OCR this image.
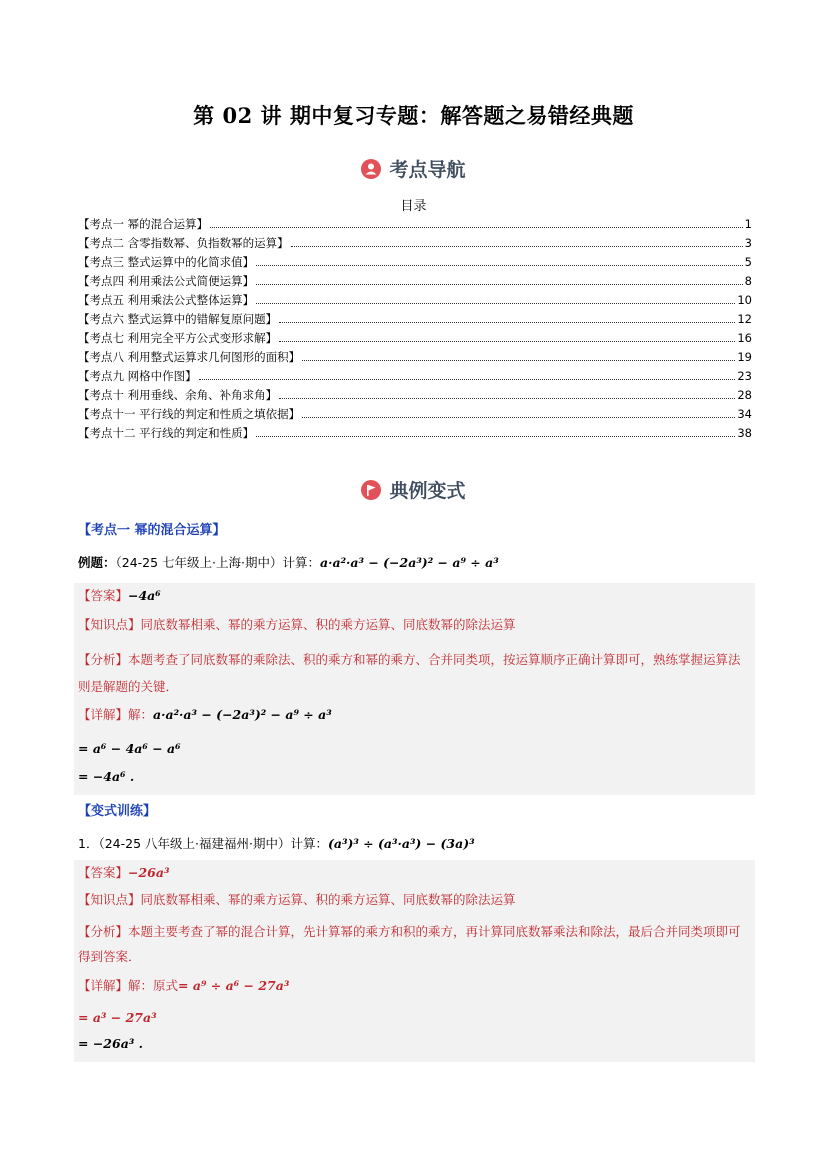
第 02 讲 期中复习专题：解答题之易错经典题
考点导航
目录
【考点一 幂的混合运算】	1
【考点二 含零指数幂、负指数幂的运算】	3
【考点三 整式运算中的化简求值】	5
【考点四 利用乘法公式简便运算】	8
【考点五 利用乘法公式整体运算】	10
【考点六 整式运算中的错解复原问题】	12
【考点七 利用完全平方公式变形求解】	16
【考点八 利用整式运算求几何图形的面积】	19
【考点九 网格中作图】	23
【考点十 利用垂线、余角、补角求角】	28
【考点十一 平行线的判定和性质之填依据】	34
【考点十二 平行线的判定和性质】	38
典例变式
【考点一 幂的混合运算】
例题：（24-25 七年级上·上海·期中）计算：a·a²·a³ − (−2a³)² − a⁹ ÷ a³
【答案】−4a⁶
【知识点】同底数幂相乘、幂的乘方运算、积的乘方运算、同底数幂的除法运算
【分析】本题考查了同底数幂的乘除法、积的乘方和幂的乘方、合并同类项，按运算顺序正确计算即可，熟练掌握运算法则是解题的关键．
【详解】解：a·a²·a³ − (−2a³)² − a⁹ ÷ a³
= a⁶ − 4a⁶ − a⁶
= −4a⁶ .
【变式训练】
1．（24-25 八年级上·福建福州·期中）计算：(a³)³ ÷ (a³·a³) − (3a)³
【答案】−26a³
【知识点】同底数幂相乘、幂的乘方运算、积的乘方运算、同底数幂的除法运算
【分析】本题主要考查了幂的混合计算，先计算幂的乘方和积的乘方，再计算同底数幂乘法和除法，最后合并同类项即可得到答案．
【详解】解：原式= a⁹ ÷ a⁶ − 27a³
= a³ − 27a³
= −26a³ .
